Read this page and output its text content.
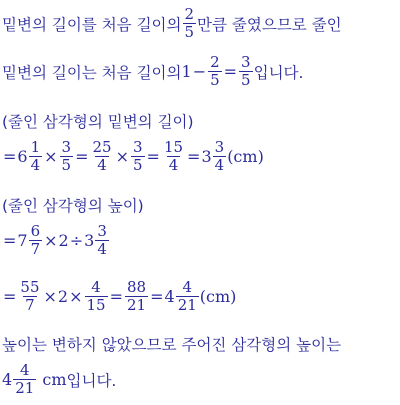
밑변의 길이를 처음 길이의 $\frac{2}{5}$ 만큼 줄였으므로 줄인
밑변의 길이는 처음 길이의 $1 - \frac{2}{5} = \frac{3}{5}$ 입니다.
(줄인 삼각형의 밑변의 길이)
= $6 \frac{1}{4} \times \frac{3}{5} = \frac{25}{4} \times \frac{3}{5} = \frac{15}{4} = 3 \frac{3}{4} (cm)$
(줄인 삼각형의 높이)
= $7 \frac{6}{7} \times 2 \div 3 \frac{3}{4}$
= $\frac{55}{7} \times 2 \times \frac{4}{15} = \frac{88}{21} = 4 \frac{4}{21} (cm)$
높이는 변하지 않았으므로 주어진 삼각형의 높이는
$4 \frac{4}{21}$ cm 입니다.
